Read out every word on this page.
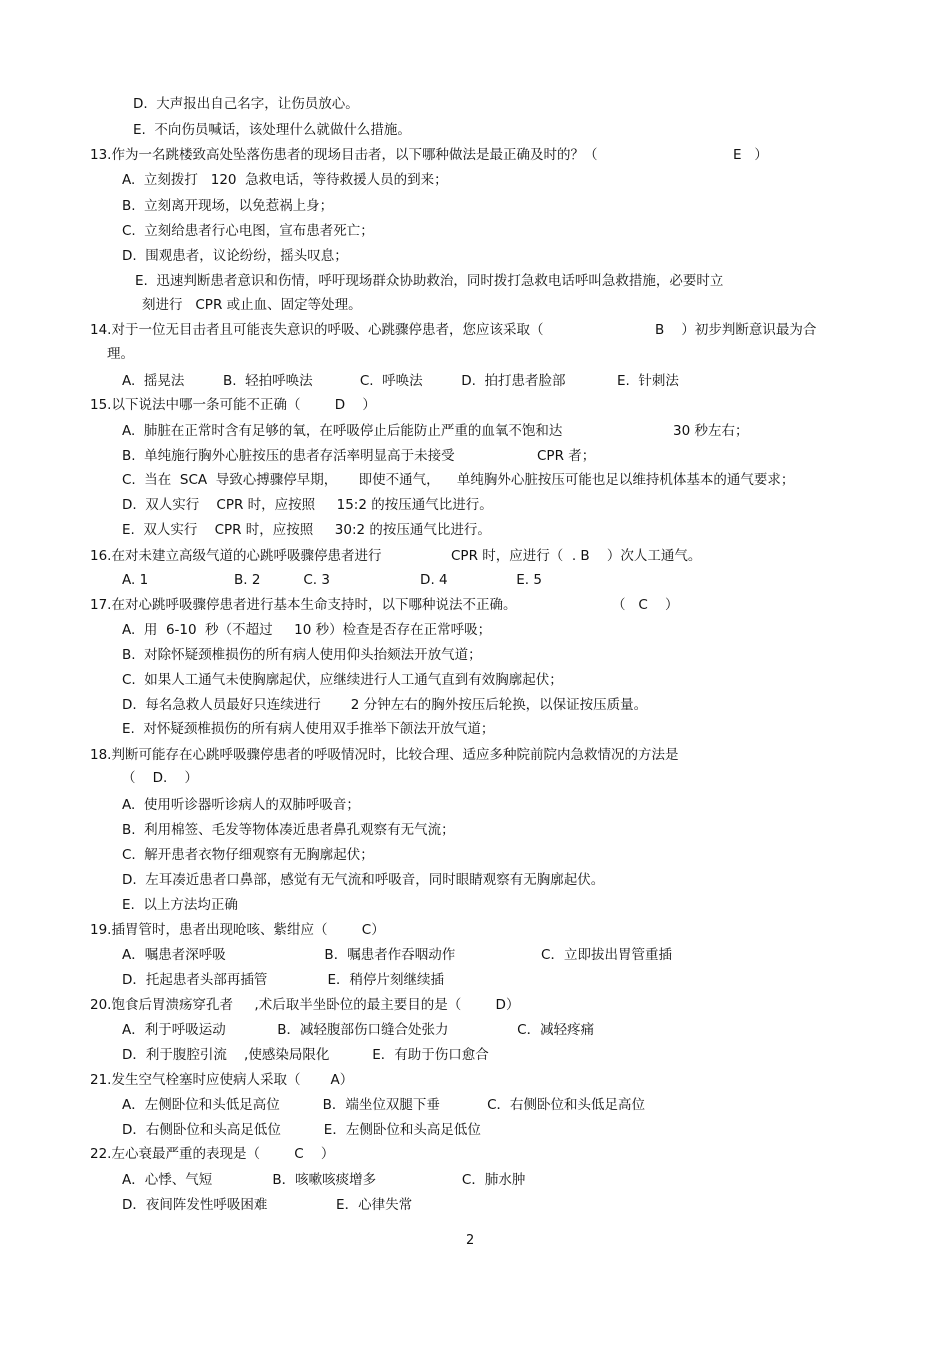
D.  大声报出自己名字，让伤员放心。
E.  不向伤员喊话，该处理什么就做什么措施。
13.作为一名跳楼致高处坠落伤患者的现场目击者，以下哪种做法是最正确及时的？（	E   ）
A.  立刻拨打   120  急救电话，等待救援人员的到来；
B.  立刻离开现场，以免惹祸上身；
C.  立刻给患者行心电图，宣布患者死亡；
D.  围观患者，议论纷纷，摇头叹息；
E.  迅速判断患者意识和伤情，呼吁现场群众协助救治，同时拨打急救电话呼叫急救措施，必要时立
刻进行   CPR 或止血、固定等处理。
14.对于一位无目击者且可能丧失意识的呼吸、心跳骤停患者，您应该采取（	B    ）初步判断意识最为合
理。
A.  摇晃法         B.  轻拍呼唤法           C.  呼唤法         D.  拍打患者脸部            E.  针刺法
15.以下说法中哪一条可能不正确（        D    ）
A.  肺脏在正常时含有足够的氧，在呼吸停止后能防止严重的血氧不饱和达	30 秒左右；
B.  单纯施行胸外心脏按压的患者存活率明显高于未接受	CPR 者；
C.  当在  SCA  导致心搏骤停早期，     即使不通气，    单纯胸外心脏按压可能也足以维持机体基本的通气要求；
D.  双人实行    CPR 时，应按照     15:2 的按压通气比进行。
E.  双人实行    CPR 时，应按照     30:2 的按压通气比进行。
16.在对未建立高级气道的心跳呼吸骤停患者进行	CPR 时，应进行（  . B    ）次人工通气。
A. 1                    B. 2          C. 3                     D. 4                E. 5
17.在对心跳呼吸骤停患者进行基本生命支持时，以下哪种说法不正确。	（   C    ）
A.  用  6-10  秒（不超过     10 秒）检查是否存在正常呼吸；
B.  对除怀疑颈椎损伤的所有病人使用仰头抬颏法开放气道；
C.  如果人工通气未使胸廓起伏，应继续进行人工通气直到有效胸廓起伏；
D.  每名急救人员最好只连续进行       2 分钟左右的胸外按压后轮换，以保证按压质量。
E.  对怀疑颈椎损伤的所有病人使用双手推举下颌法开放气道；
18.判断可能存在心跳呼吸骤停患者的呼吸情况时，比较合理、适应多种院前院内急救情况的方法是
（    D.    ）
A.  使用听诊器听诊病人的双肺呼吸音；
B.  利用棉签、毛发等物体凑近患者鼻孔观察有无气流；
C.  解开患者衣物仔细观察有无胸廓起伏；
D.  左耳凑近患者口鼻部，感觉有无气流和呼吸音，同时眼睛观察有无胸廓起伏。
E.  以上方法均正确
19.插胃管时，患者出现呛咳、紫绀应（        C）
A．嘱患者深呼吸                       B．嘱患者作吞咽动作                    C．立即拔出胃管重插
D．托起患者头部再插管              E．稍停片刻继续插
20.饱食后胃溃疡穿孔者     ,术后取半坐卧位的最主要目的是（        D）
A．利于呼吸运动            B．减轻腹部伤口缝合处张力                C．减轻疼痛
D．利于腹腔引流    ,使感染局限化          E．有助于伤口愈合
21.发生空气栓塞时应使病人采取（       A）
A．左侧卧位和头低足高位          B．端坐位双腿下垂           C．右侧卧位和头低足高位
D．右侧卧位和头高足低位          E．左侧卧位和头高足低位
22.左心衰最严重的表现是（        C    ）
A．心悸、气短              B．咳嗽咳痰增多                    C．肺水肿
D．夜间阵发性呼吸困难                E．心律失常
2
